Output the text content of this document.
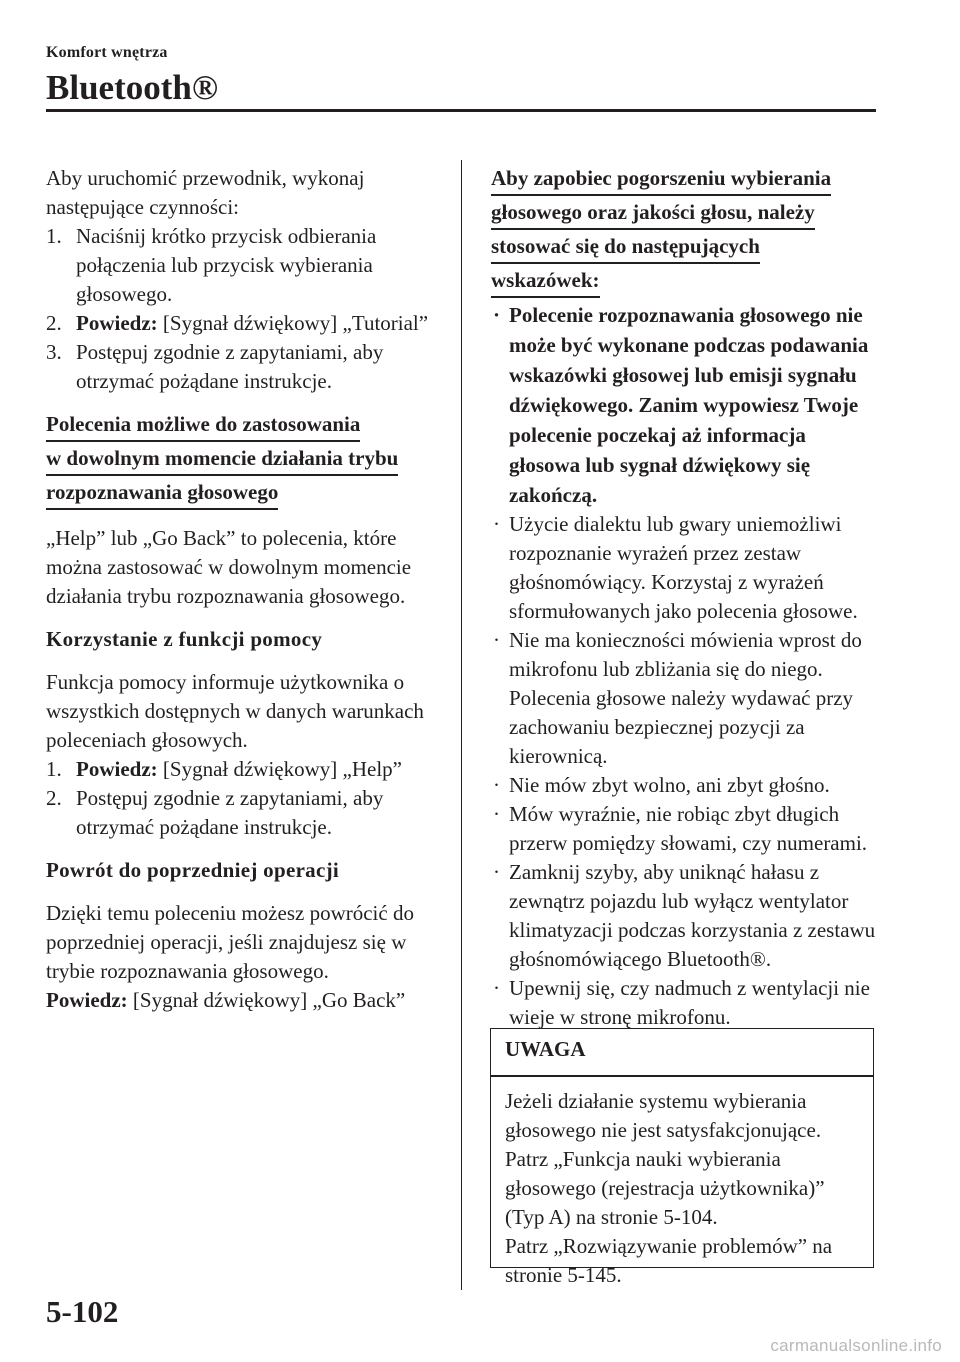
Komfort wnętrza
Bluetooth®

Aby uruchomić przewodnik, wykonaj następujące czynności:

1. Naciśnij krótko przycisk odbierania połączenia lub przycisk wybierania głosowego.
2. Powiedz: [Sygnał dźwiękowy] „Tutorial”
3. Postępuj zgodnie z zapytaniami, aby otrzymać pożądane instrukcje.
Polecenia możliwe do zastosowania
w dowolnym momencie działania trybu
rozpoznawania głosowego

„Help” lub „Go Back” to polecenia, które można zastosować w dowolnym momencie działania trybu rozpoznawania głosowego.

Korzystanie z funkcji pomocy

Funkcja pomocy informuje użytkownika o wszystkich dostępnych w danych warunkach poleceniach głosowych.

1. Powiedz: [Sygnał dźwiękowy] „Help”
2. Postępuj zgodnie z zapytaniami, aby otrzymać pożądane instrukcje.

Powrót do poprzedniej operacji

Dzięki temu poleceniu możesz powrócić do poprzedniej operacji, jeśli znajdujesz się w trybie rozpoznawania głosowego.

Powiedz: [Sygnał dźwiękowy] „Go Back”

Aby zapobiec pogorszeniu wybierania
głosowego oraz jakości głosu, należy
stosować się do następujących
wskazówek:
· Polecenie rozpoznawania głosowego nie może być wykonane podczas podawania wskazówki głosowej lub emisji sygnału dźwiękowego. Zanim wypowiesz Twoje polecenie poczekaj aż informacja głosowa lub sygnał dźwiękowy się zakończą.
· Użycie dialektu lub gwary uniemożliwi rozpoznanie wyrażeń przez zestaw głośnomówiący. Korzystaj z wyrażeń sformułowanych jako polecenia głosowe.
· Nie ma konieczności mówienia wprost do mikrofonu lub zbliżania się do niego. Polecenia głosowe należy wydawać przy zachowaniu bezpiecznej pozycji za kierownicą.
· Nie mów zbyt wolno, ani zbyt głośno.
· Mów wyraźnie, nie robiąc zbyt długich przerw pomiędzy słowami, czy numerami.
· Zamknij szyby, aby uniknąć hałasu z zewnątrz pojazdu lub wyłącz wentylator klimatyzacji podczas korzystania z zestawu głośnomówiącego Bluetooth®.
· Upewnij się, czy nadmuch z wentylacji nie wieje w stronę mikrofonu.
UWAGA

Jeżeli działanie systemu wybierania głosowego nie jest satysfakcjonujące.

Patrz „Funkcja nauki wybierania głosowego (rejestracja użytkownika)” (Typ A) na stronie 5-104.

Patrz „Rozwiązywanie problemów” na stronie 5-145.

5-102
carmanualsonline.info
